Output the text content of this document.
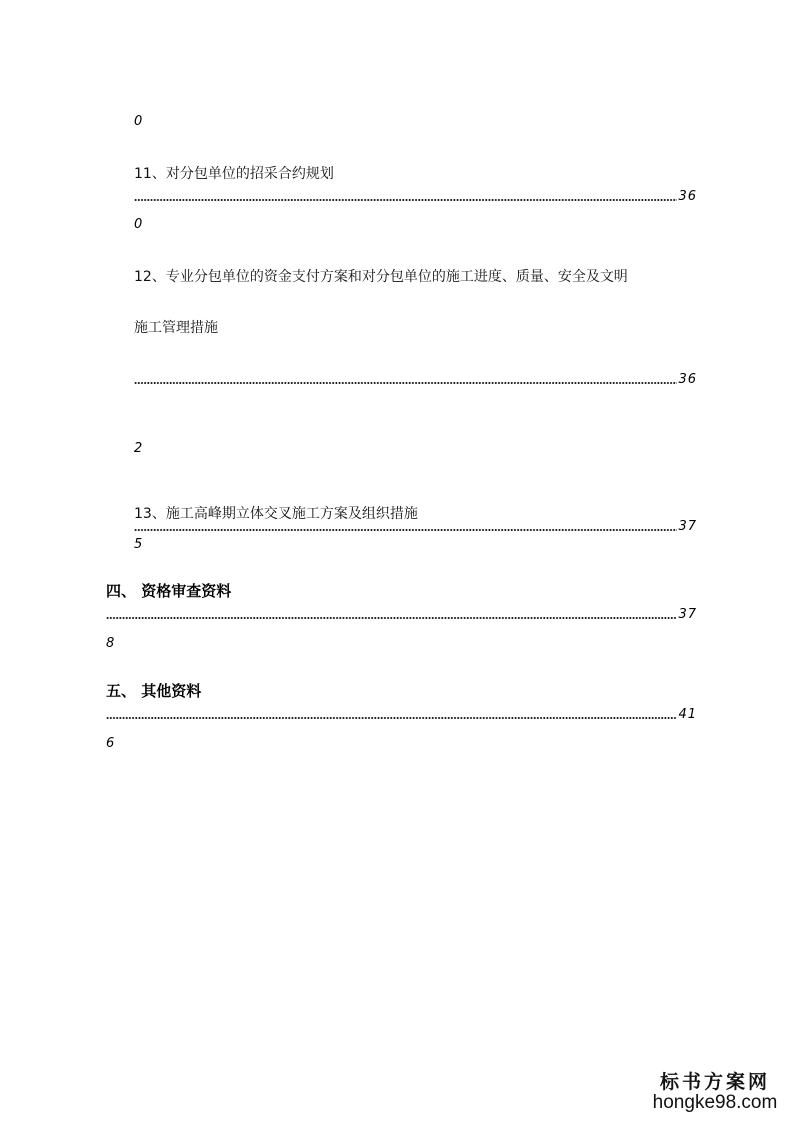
0
11、对分包单位的招采合约规划
36
0
12、专业分包单位的资金支付方案和对分包单位的施工进度、质量、安全及文明
施工管理措施
36
2
13、施工高峰期立体交叉施工方案及组织措施
37
5
四、 资格审查资料
37
8
五、 其他资料
41
6
标书方案网
hongke98.com
